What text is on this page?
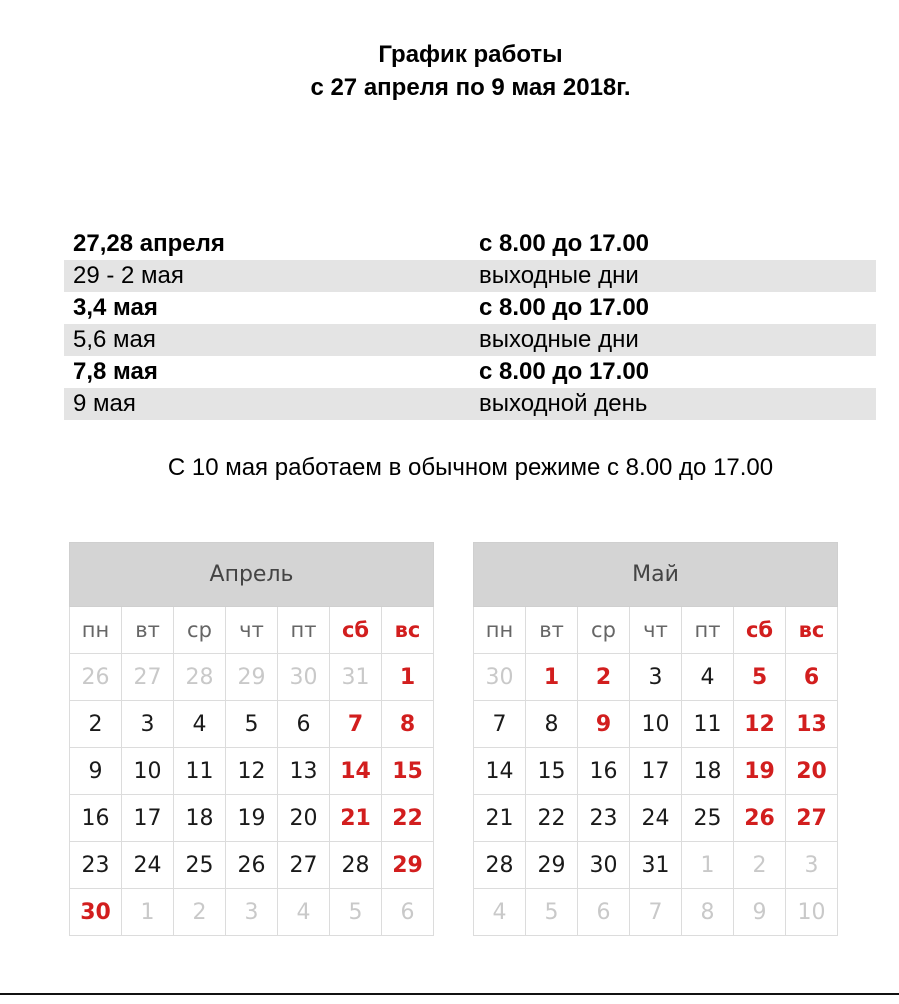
График работы
с 27 апреля по 9 мая 2018г.
27,28 апреля	с 8.00 до 17.00
29 - 2 мая	выходные дни
3,4 мая	с 8.00 до 17.00
5,6 мая	выходные дни
7,8 мая	с 8.00 до 17.00
9 мая	выходной день
С 10 мая работаем в обычном режиме с 8.00 до 17.00
Апрель						
пн	вт	ср	чт	пт	сб	вс
26	27	28	29	30	31	1
2	3	4	5	6	7	8
9	10	11	12	13	14	15
16	17	18	19	20	21	22
23	24	25	26	27	28	29
30	1	2	3	4	5	6
Май						
пн	вт	ср	чт	пт	сб	вс
30	1	2	3	4	5	6
7	8	9	10	11	12	13
14	15	16	17	18	19	20
21	22	23	24	25	26	27
28	29	30	31	1	2	3
4	5	6	7	8	9	10
